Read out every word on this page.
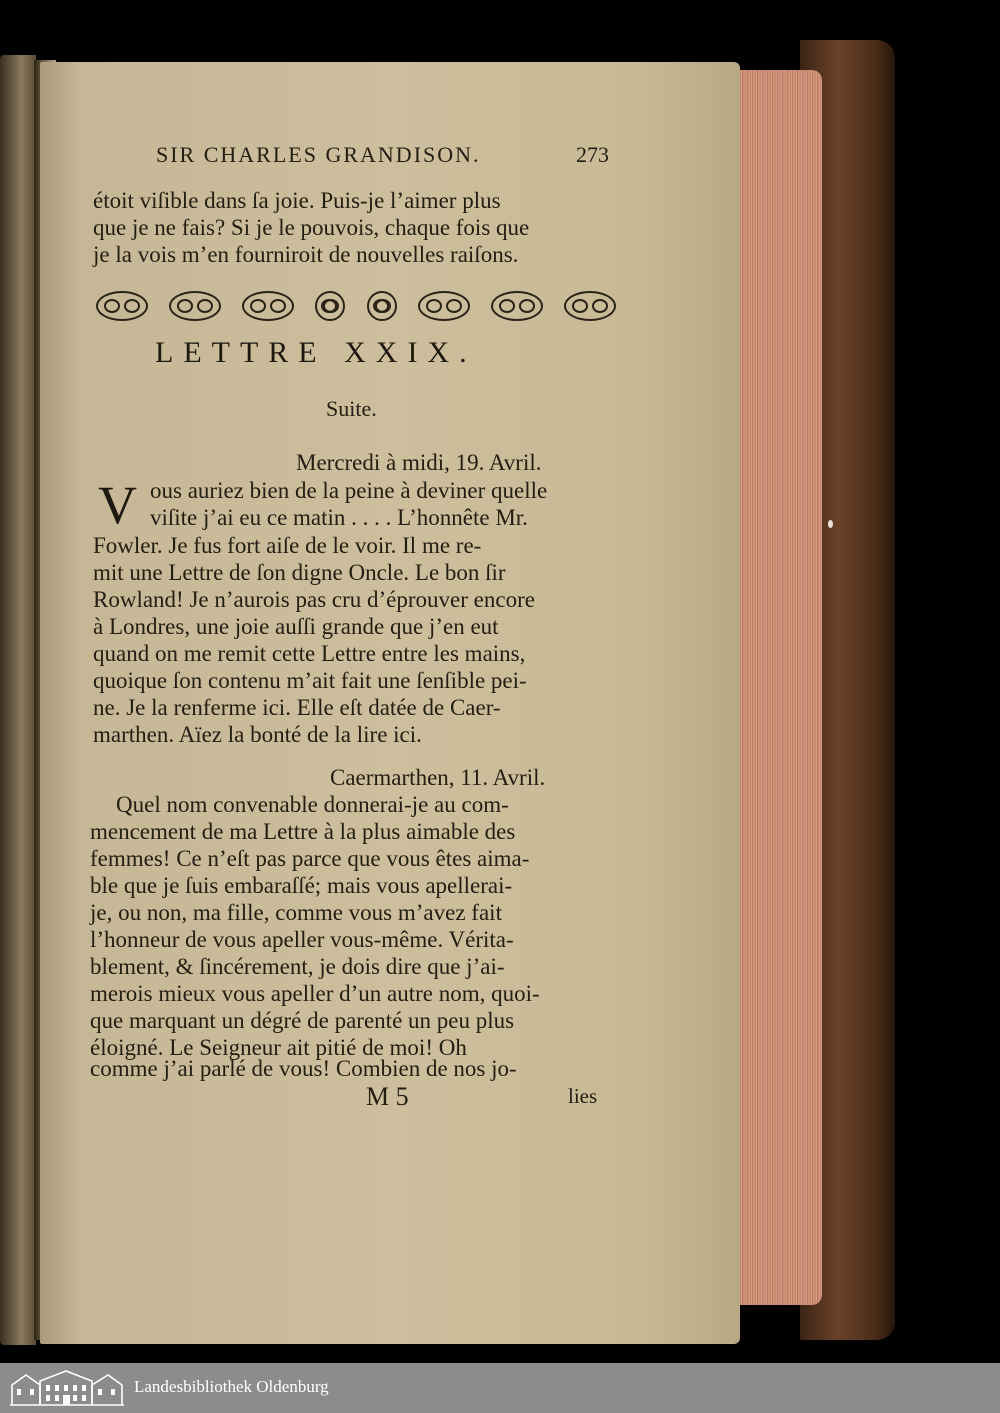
SIR CHARLES GRANDISON.	273
étoit viſible dans ſa joie. Puis-je l’aimer plus
que je ne fais? Si je le pouvois, chaque fois que
je la vois m’en fourniroit de nouvelles raiſons.
LETTRE XXIX.
Suite.
Mercredi à midi, 19. Avril.
V ous auriez bien de la peine à deviner quelle
viſite j’ai eu ce matin . . . . L’honnête Mr.
Fowler. Je fus fort aiſe de le voir. Il me re-
mit une Lettre de ſon digne Oncle. Le bon ſir
Rowland! Je n’aurois pas cru d’éprouver encore
à Londres, une joie auſſi grande que j’en eut
quand on me remit cette Lettre entre les mains,
quoique ſon contenu m’ait fait une ſenſible pei-
ne. Je la renferme ici. Elle eſt datée de Caer-
marthen. Aïez la bonté de la lire ici.
Caermarthen, 11. Avril.
Quel nom convenable donnerai-je au com-
mencement de ma Lettre à la plus aimable des
femmes! Ce n’eſt pas parce que vous êtes aima-
ble que je ſuis embaraſſé; mais vous apellerai-
je, ou non, ma fille, comme vous m’avez fait
l’honneur de vous apeller vous-même. Vérita-
blement, & ſincérement, je dois dire que j’ai-
merois mieux vous apeller d’un autre nom, quoi-
que marquant un dégré de parenté un peu plus
éloigné. Le Seigneur ait pitié de moi! Oh
comme j’ai parlé de vous! Combien de nos jo-
M 5	lies
Landesbibliothek Oldenburg
